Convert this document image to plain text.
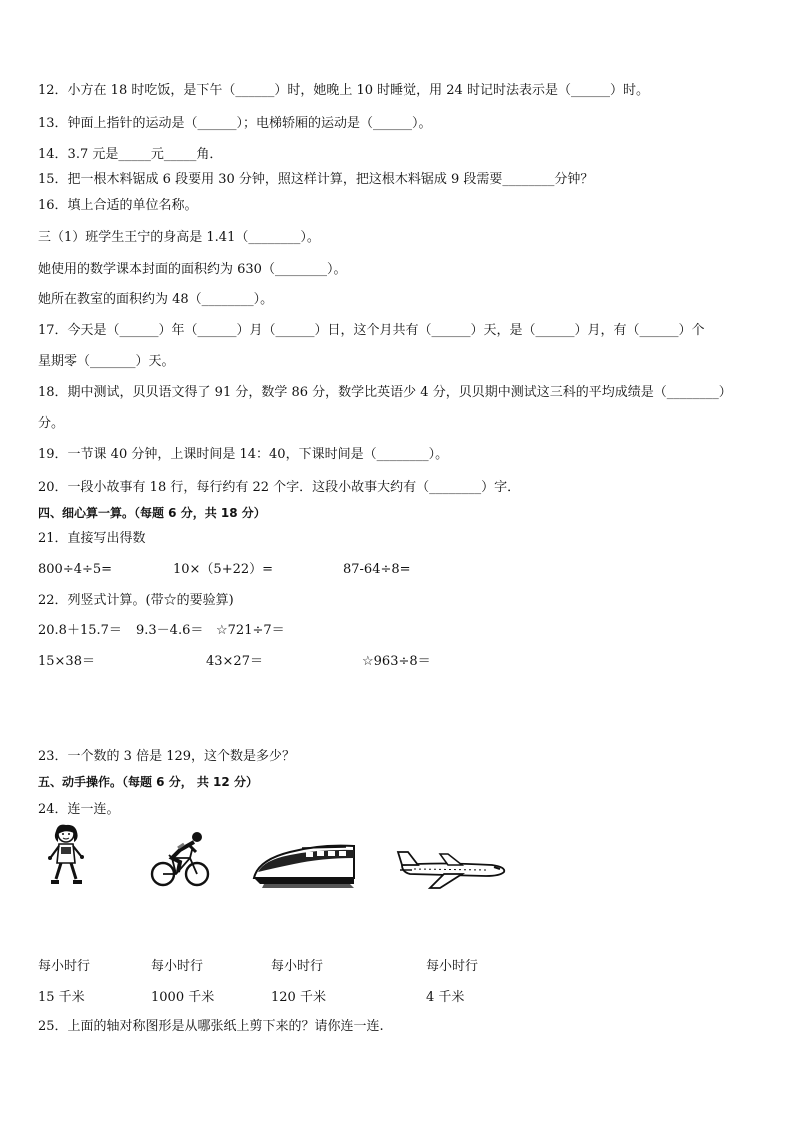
12．小方在 18 时吃饭，是下午（______）时，她晚上 10 时睡觉，用 24 时记时法表示是（______）时。
13．钟面上指针的运动是（______）；电梯轿厢的运动是（______）。
14．3.7 元是_____元_____角．
15．把一根木料锯成 6 段要用 30 分钟，照这样计算，把这根木料锯成 9 段需要________分钟？
16．填上合适的单位名称。
三（1）班学生王宁的身高是 1.41（________）。
她使用的数学课本封面的面积约为 630（________）。
她所在教室的面积约为 48（________）。
17．今天是（______）年（______）月（______）日，这个月共有（______）天，是（______）月，有（______）个
星期零（_______）天。
18．期中测试，贝贝语文得了 91 分，数学 86 分，数学比英语少 4 分，贝贝期中测试这三科的平均成绩是（________）
分。
19．一节课 40 分钟，上课时间是 14：40，下课时间是（________）。
20．一段小故事有 18 行，每行约有 22 个字．这段小故事大约有（________）字．
四、细心算一算。（每题 6 分，共 18 分）
21．直接写出得数
800÷4÷5=	10×（5+22）=	87-64÷8=
22．列竖式计算。(带☆的要验算)
20.8＋15.7＝ 9.3－4.6＝ ☆721÷7＝
15×38＝	43×27＝	☆963÷8＝
23．一个数的 3 倍是 129，这个数是多少？
五、动手操作。（每题 6 分， 共 12 分）
24．连一连。
每小时行	每小时行	每小时行	每小时行
15 千米	1000 千米	120 千米	4 千米
25．上面的轴对称图形是从哪张纸上剪下来的？请你连一连.
